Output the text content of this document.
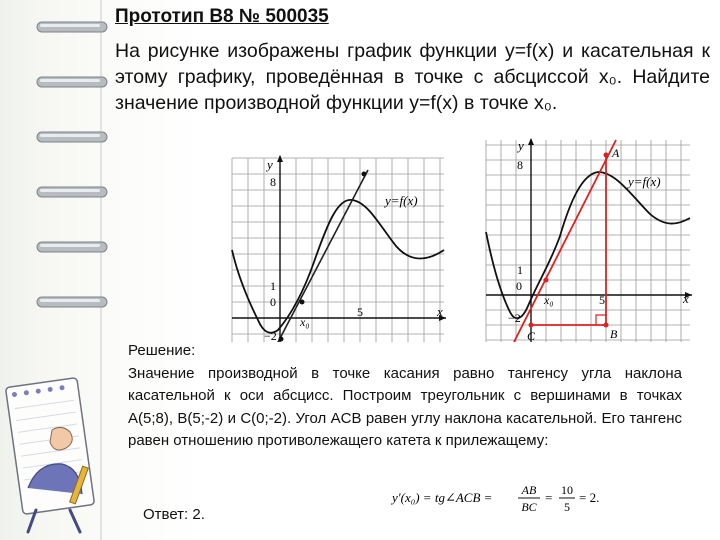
Прототип B8 № 500035

На рисунке изображены график функции y=f(x) и касательная к этому графику, проведённая в точке с абсциссой x₀. Найдите значение производной функции y=f(x) в точке x₀.

y
x
y=f(x)
8
1
0
−2
5
x₀
y
x
y=f(x)
8
1
0
−2
5
x₀
A
B
C
Решение:
Значение производной в точке касания равно тангенсу угла наклона касательной к оси абсцисс. Построим треугольник с вершинами в точках A(5;8), B(5;-2) и C(0;-2). Угол ACB равен углу наклона касательной. Его тангенс равен отношению противолежащего катета к прилежащему:
y′(x₀) = tg∠ACB = AB
BC
= 10
5
= 2.

Ответ: 2.
